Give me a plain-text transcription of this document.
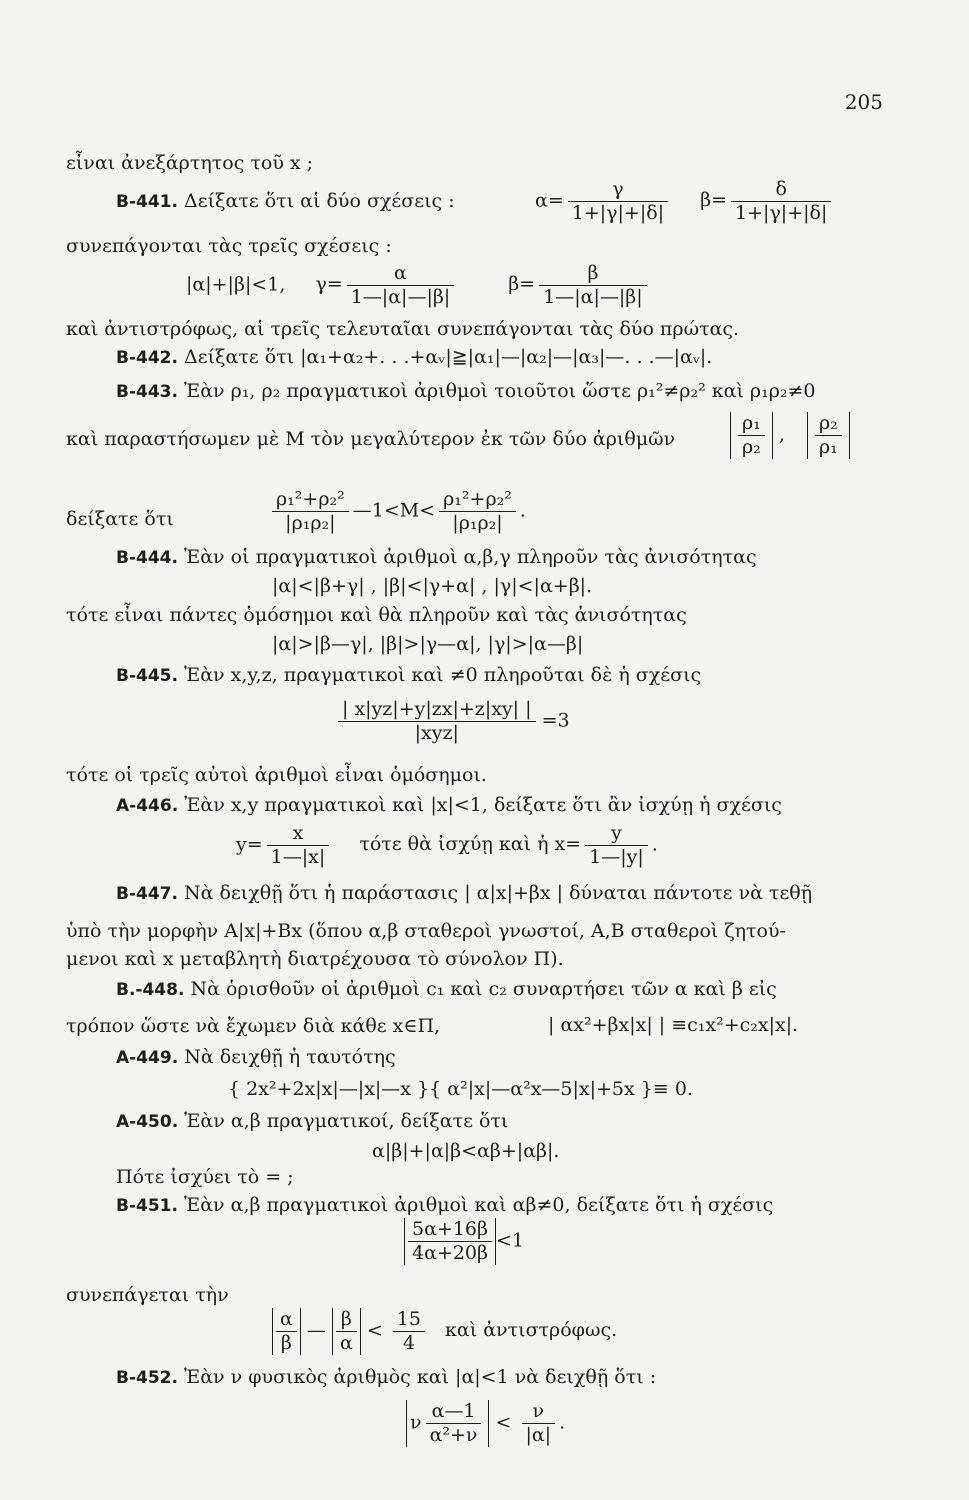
205
εἶναι ἀνεξάρτητος τοῦ x ;
B-441. Δείξατε ὅτι αἱ δύο σχέσεις :	$\alpha= \frac{\gamma}{1+|\gamma|+|\delta|} \beta= \frac{\delta}{1+|\gamma|+|\delta|}$
συνεπάγονται τὰς τρεῖς σχέσεις :
|α|+|β|<1, $\gamma= \frac{\alpha}{1—|\alpha|—|\beta|}$	$\beta= \frac{\beta}{1—|\alpha|—|\beta|}$
καὶ ἀντιστρόφως, αἱ τρεῖς τελευταῖαι συνεπάγονται τὰς δύο πρώτας.
B-442. Δείξατε ὅτι |α₁+α₂+. . .+αᵥ|≧|α₁|—|α₂|—|α₃|—. . .—|αᵥ|.
B-443. Ἐὰν ρ₁, ρ₂ πραγματικοὶ ἀριθμοὶ τοιοῦτοι ὥστε ρ₁²≠ρ₂² καὶ ρ₁ρ₂≠0
καὶ παραστήσωμεν μὲ M τὸν μεγαλύτερον ἐκ τῶν δύο ἀριθμῶν	$\frac{\text{ρ₁}}{\text{ρ₂}}$ , $\frac{\text{ρ₂}}{\text{ρ₁}}$
δείξατε ὅτι	$\frac{\text{ρ₁²+ρ₂²}}{\text{|ρ₁ρ₂|}}$ —1<M< $\frac{\text{ρ₁²+ρ₂²}}{\text{|ρ₁ρ₂|}}$ .
B-444. Ἐὰν οἱ πραγματικοὶ ἀριθμοὶ α,β,γ πληροῦν τὰς ἀνισότητας
|α|<|β+γ| , |β|<|γ+α| , |γ|<|α+β|.
τότε εἶναι πάντες ὁμόσημοι καὶ θὰ πληροῦν καὶ τὰς ἀνισότητας
|α|>|β—γ|, |β|>|γ—α|, |γ|>|α—β|
B-445. Ἐὰν x,y,z, πραγματικοὶ καὶ ≠0 πληροῦται δὲ ἡ σχέσις
$\frac{| x|yz|+y|zx|+z|xy| |}{\text{|xyz|}} =3$
τότε οἱ τρεῖς αὐτοὶ ἀριθμοὶ εἶναι ὁμόσημοι.
A-446. Ἐὰν x,y πραγματικοὶ καὶ |x|<1, δείξατε ὅτι ἂν ἰσχύῃ ἡ σχέσις
$y= \frac{x}{1—|x|}$ τότε θὰ ἰσχύῃ καὶ ἡ $x= \frac{y}{1—|y|}$ .
B-447. Νὰ δειχθῇ ὅτι ἡ παράστασις | α|x|+βx | δύναται πάντοτε νὰ τεθῇ
ὑπὸ τὴν μορφὴν A|x|+Bx (ὅπου α,β σταθεροὶ γνωστοί, A,B σταθεροὶ ζητού-
μενοι καὶ x μεταβλητὴ διατρέχουσα τὸ σύνολον Π).
B.-448. Νὰ ὁρισθοῦν οἱ ἀριθμοὶ c₁ καὶ c₂ συναρτήσει τῶν α καὶ β εἰς
τρόπον ὥστε νὰ ἔχωμεν διὰ κάθε x∈Π,	| αx²+βx|x| | ≡c₁x²+c₂x|x|.
A-449. Νὰ δειχθῇ ἡ ταυτότης
{ 2x²+2x|x|—|x|—x }{ α²|x|—α²x—5|x|+5x }≡ 0.
A-450. Ἐὰν α,β πραγματικοί, δείξατε ὅτι
α|β|+|α|β<αβ+|αβ|.
Πότε ἰσχύει τὸ = ;
B-451. Ἐὰν α,β πραγματικοὶ ἀριθμοὶ καὶ αβ≠0, δείξατε ὅτι ἡ σχέσις
$\frac{5\alpha+16\beta}{4\alpha+20\beta} <1$
συνεπάγεται τὴν
$\frac{\alpha}{\beta}$ — $\frac{\beta}{\alpha} < \frac{15}{4}$ καὶ ἀντιστρόφως.
B-452. Ἐὰν ν φυσικὸς ἀριθμὸς καὶ |α|<1 νὰ δειχθῇ ὅτι :
ν $\frac{\alpha—1}{\text{α²+ν}} < \frac{\nu}{|\alpha|}$ .
